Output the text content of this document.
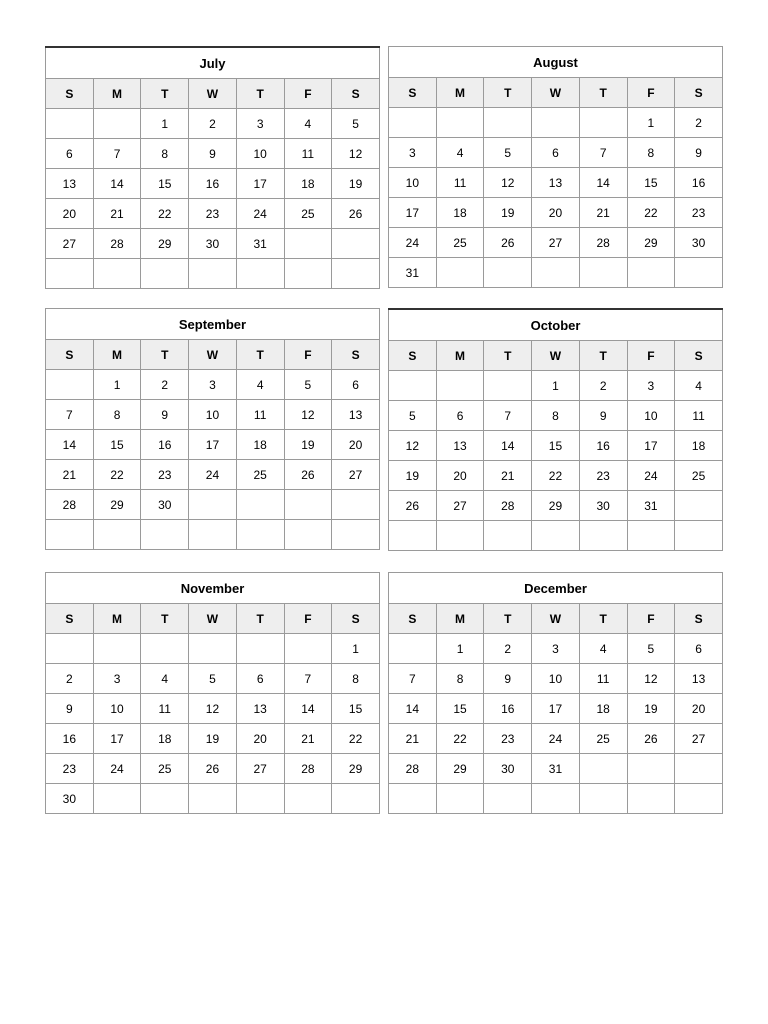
July						
S	M	T	W	T	F	S
		1	2	3	4	5
6	7	8	9	10	11	12
13	14	15	16	17	18	19
20	21	22	23	24	25	26
27	28	29	30	31		

August						
S	M	T	W	T	F	S
					1	2
3	4	5	6	7	8	9
10	11	12	13	14	15	16
17	18	19	20	21	22	23
24	25	26	27	28	29	30
31						
September						
S	M	T	W	T	F	S
	1	2	3	4	5	6
7	8	9	10	11	12	13
14	15	16	17	18	19	20
21	22	23	24	25	26	27
28	29	30				

October						
S	M	T	W	T	F	S
			1	2	3	4
5	6	7	8	9	10	11
12	13	14	15	16	17	18
19	20	21	22	23	24	25
26	27	28	29	30	31	

November						
S	M	T	W	T	F	S
						1
2	3	4	5	6	7	8
9	10	11	12	13	14	15
16	17	18	19	20	21	22
23	24	25	26	27	28	29
30						
December						
S	M	T	W	T	F	S
	1	2	3	4	5	6
7	8	9	10	11	12	13
14	15	16	17	18	19	20
21	22	23	24	25	26	27
28	29	30	31			
